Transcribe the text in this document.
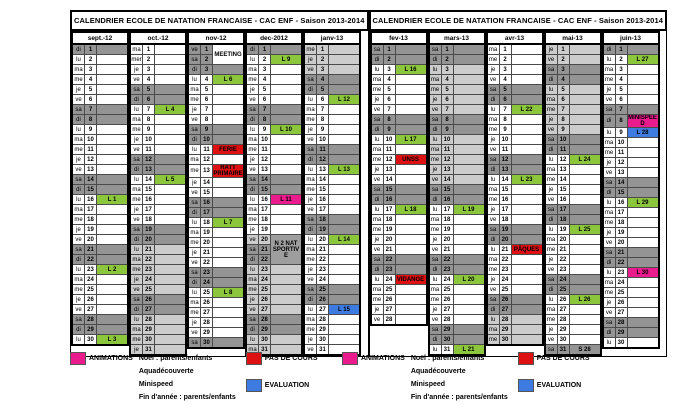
CALENDRIER ECOLE DE NATATION FRANCAISE - CAC ENF - Saison 2013-2014
sept.-12		
di	1	
lu	2	
ma	3	
me	4	
je	5	
ve	6	
sa	7	
di	8	
lu	9	
ma	10	
me	11	
je	12	
ve	13	
sa	14	
di	15	
lu	16	L 1
ma	17	
me	18	
je	19	
ve	20	
sa	21	
di	22	
lu	23	L 2
ma	24	
me	25	
je	26	
ve	27	
sa	28	
di	29	
lu	30	L 3
oct.-12		
ma	1	
mer	2	
je	3	
ve	4	
sa	5	
di	6	
lu	7	L 4
ma	8	
me	9	
je	10	
ve	11	
sa	12	
di	13	
lu	14	L 5
ma	15	
me	16	
je	17	
ve	18	
sa	19	
di	20	
lu	21	
ma	22	
me	23	
je	24	
ve	25	
sa	26	
di	27	
lu	28	
ma	29	
me	30	
je	31	
nov-12		
ve	1	MEETING
sa	2	
di	3	
lu	4	L 6
ma	5	
me	6	
je	7	
ve	8	
sa	9	
di	10	
lu	11	FERIE
ma	12	
me	13	RATT PRIMAIRE
je	14	
ve	15	
sa	16	
di	17	
lu	18	L 7
ma	19	
me	20	
je	21	
ve	22	
sa	23	
di	24	
lu	25	L 8
ma	26	
me	27	
je	28	
ve	29	
sa	30	
dec-2012		
di	1	
lu	2	L 9
ma	3	
me	4	
je	5	
ve	6	
sa	7	
di	8	
lu	9	L 10
ma	10	
me	11	
je	12	
ve	13	
sa	14	
di	15	
lu	16	L 11
ma	17	
me	18	
je	19	
ve	20	N 2 NAT SPORTIVE
sa	21	
di	22	
lu	23	
ma	24	
me	25	
je	26	
ve	27	
sa	28	
di	29	
lu	30	
ma	31	
janv-13		
me	1	
je	2	
ve	3	
sa	4	
di	5	
lu	6	L 12
ma	7	
me	8	
je	9	
ve	10	
sa	11	
di	12	
lu	13	L 13
ma	14	
me	15	
je	16	
ve	17	
sa	18	
di	19	
lu	20	L 14
ma	21	
me	22	
je	23	
ve	24	
sa	25	
di	26	
lu	27	L 15
ma	28	
me	29	
je	30	
ve	31	
CALENDRIER ECOLE DE NATATION FRANCAISE - CAC ENF - Saison 2013-2014
fev-13		
sa	1	
di	2	
lu	3	L 16
ma	4	
me	5	
je	6	
ve	7	
sa	8	
di	9	
lu	10	L 17
ma	11	
me	12	UNSS
je	13	
ve	14	
sa	15	
di	16	
lu	17	L 18
ma	18	
me	19	
je	20	
ve	21	
sa	22	
di	23	
lu	24	VIDANGE
ma	25	
me	26	
je	27	
ve	28	
mars-13		
sa	1	
di	2	
lu	3	
ma	4	
me	5	
je	6	
ve	7	
sa	8	
di	9	
lu	10	
ma	11	
me	12	
je	13	
ve	14	
sa	15	
di	16	
lu	17	L 19
ma	18	
me	19	
je	20	
ve	21	
sa	22	
di	23	
lu	24	L 20
ma	25	
me	26	
je	27	
ve	28	
sa	29	
di	30	
lu	31	L 21
avr-13		
ma	1	
me	2	
je	3	
ve	4	
sa	5	
di	6	
lu	7	L 22
ma	8	
me	9	
je	10	
ve	11	
sa	12	
di	13	
lu	14	L 23
ma	15	
me	16	
je	17	
ve	18	
sa	19	
di	20	
lu	21	PÂQUES
ma	22	
me	23	
je	24	
ve	25	
sa	26	
di	27	
lu	28	
ma	29	
me	30	
mai-13		
je	1	
ve	2	
sa	3	
di	4	
lu	5	
ma	6	
me	7	
je	8	
ve	9	
sa	10	
di	11	
lu	12	L 24
ma	13	
me	14	
je	15	
ve	16	
sa	17	
di	18	
lu	19	L 25
ma	20	
me	21	
je	22	
ve	23	
sa	24	
di	25	
lu	26	L 26
ma	27	
me	28	
je	29	
ve	30	
sa	31	S 28
juin-13		
di	1	
lu	2	L 27
ma	3	
me	4	
je	5	
ve	6	
sa	7	
di	8	MINISPEED
lu	9	L 28
ma	10	
me	11	
je	12	
ve	13	
sa	14	
di	15	
lu	16	L 29
ma	17	
me	18	
je	19	
ve	20	
sa	21	
di	22	
lu	23	L 30
ma	24	
me	25	
je	26	
ve	27	
sa	28	
di	29	
lu	30	
ANIMATIONS Noël : parents/enfants
Aquadécouverte
Minispeed
Fin d'année : parents/enfants
PAS DE COURS
EVALUATION
ANIMATIONS Noël : parents/enfants
Aquadécouverte
Minispeed
Fin d'année : parents/enfants
PAS DE COURS
EVALUATION
